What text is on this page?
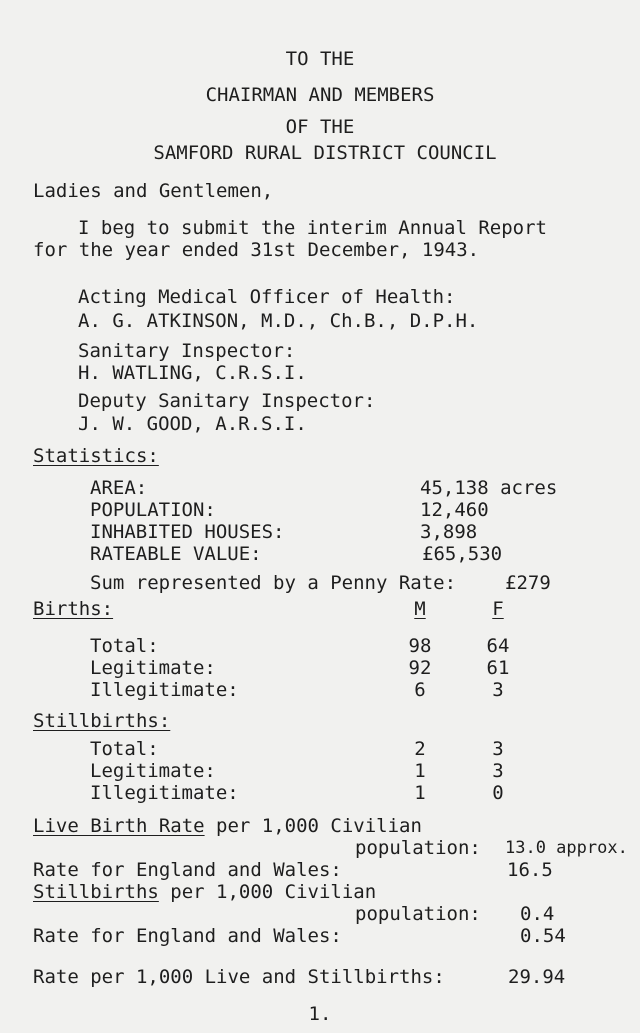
TO THE
CHAIRMAN AND MEMBERS
OF THE
SAMFORD RURAL DISTRICT COUNCIL
Ladies and Gentlemen,
I beg to submit the interim Annual Report
for the year ended 31st December, 1943.
Acting Medical Officer of Health:
A. G. ATKINSON, M.D., Ch.B., D.P.H.
Sanitary Inspector:
H. WATLING, C.R.S.I.
Deputy Sanitary Inspector:
J. W. GOOD, A.R.S.I.
Statistics:
AREA:	45,138 acres
POPULATION:	12,460
INHABITED HOUSES:	3,898
RATEABLE VALUE:	£65,530
Sum represented by a Penny Rate:	£279
Births:	M	F
Total:	98	64
Legitimate:	92	61
Illegitimate:	6	3
Stillbirths:
Total:	2	3
Legitimate:	1	3
Illegitimate:	1	0
Live Birth Rate per 1,000 Civilian
population: 13.0 approx.
Rate for England and Wales:	16.5
Stillbirths per 1,000 Civilian
population: 0.4
Rate for England and Wales:	0.54
Rate per 1,000 Live and Stillbirths:	29.94
1.
